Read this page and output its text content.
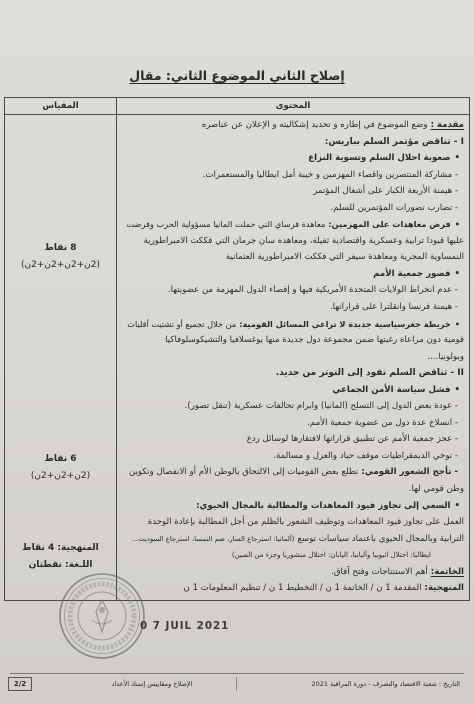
إصلاح الثاني الموضوع الثاني: مقال
المحتوى
المقياس
مقدمة :وضع الموضوع في إطاره و تحديد إشكاليته و الإعلان عن عناصره
I - تناقض مؤتمر السلم بباريس:
• صعوبة احلال السلم وتسوية النزاع
- مشاركة المنتصرين واقصاء المهزمين و خيبة أمل ايطاليا والمستعمرات.
- هيمنة الأربعة الكبار على أشغال المؤتمر
- تضارب تصورات المؤتمرين للسلم.
• فرض معاهدات على المهزمين:معاهدة فرساي التي حملت المانيا مسؤولية الحرب وفرضت
عليها قيودا ترابية وعسكرية واقتصادية ثقيلة، ومعاهدة سان جرمان التي فككت الامبراطورية
النمساوية المجرية ومعاهدة سيفر التي فككت الامبراطورية العثمانية
• قصور جمعية الأمم
- عدم انخراط الولايات المتحدة الأمريكية فيها و إقصاء الدول المهزمة من عضويتها.
- هيمنة فرنسا وانقلترا على قراراتها.
• خريطة جغرسياسية جديدة لا تراعي المسائل القومية:من خلال تجميع أو تشتيت أقليات
قومية دون مراعاة رغبتها ضمن مجموعة دول جديدة منها يوغسلافيا والتشيكوسلوفاكيا
وبولونيا....
II - تناقض السلم تقود إلى التوتر من جديد.
• فشل سياسة الأمن الجماعي
- عودة بعض الدول إلى التسلح (المانيا) وابرام تحالفات عسكرية (تنقل تصور).
- انسلاخ عدة دول من عضوية جمعية الأمم.
- عجز جمعية الأمم عن تطبيق قراراتها لافتقارها لوسائل ردع
- توخي الديمقراطيات موقف حياد والعزل و مسالمة.
- تأجج الشعور القومي:تطلع بعض القوميات إلى الالتحاق بالوطن الأم أو الانفصال وتكوين
وطن قومي لها.
• السعي إلى تجاوز قيود المعاهدات والمطالبة بالمجال الحيوي:
العمل على تجاوز قيود المعاهدات وتوظيف الشعور بالظلم من أجل المطالبة بإعادة الوحدة
الترابية وبالمجال الحيوي باعتماد سياسات توسع(ألمانيا: استرجاع السار، ضم النمسا، استرجاع السوديت...
ايطاليا: احتلال اثيوبيا وألبانيا، اليابان: احتلال منشوريا وجزء من الصين)
الخاتمة:أهم الاستنتاجات وفتح آفاق.
المنهجية:المقدمة 1 ن / الخاتمة 1 ن / التخطيط 1 ن / تنظيم المعلومات 1 ن
8 نقاط
(2ن+2ن+2ن+2ن)
6 نقاط
(2ن+2ن+2ن)
المنهجية: 4 نقاط
اللـغة: نقطتان
0 7 JUIL 2021
التاريخ : شعبة الاقتصاد والتصرف - دورة المراقبة 2021
الإصلاح ومقاييس إسناد الأعداد
2/2
